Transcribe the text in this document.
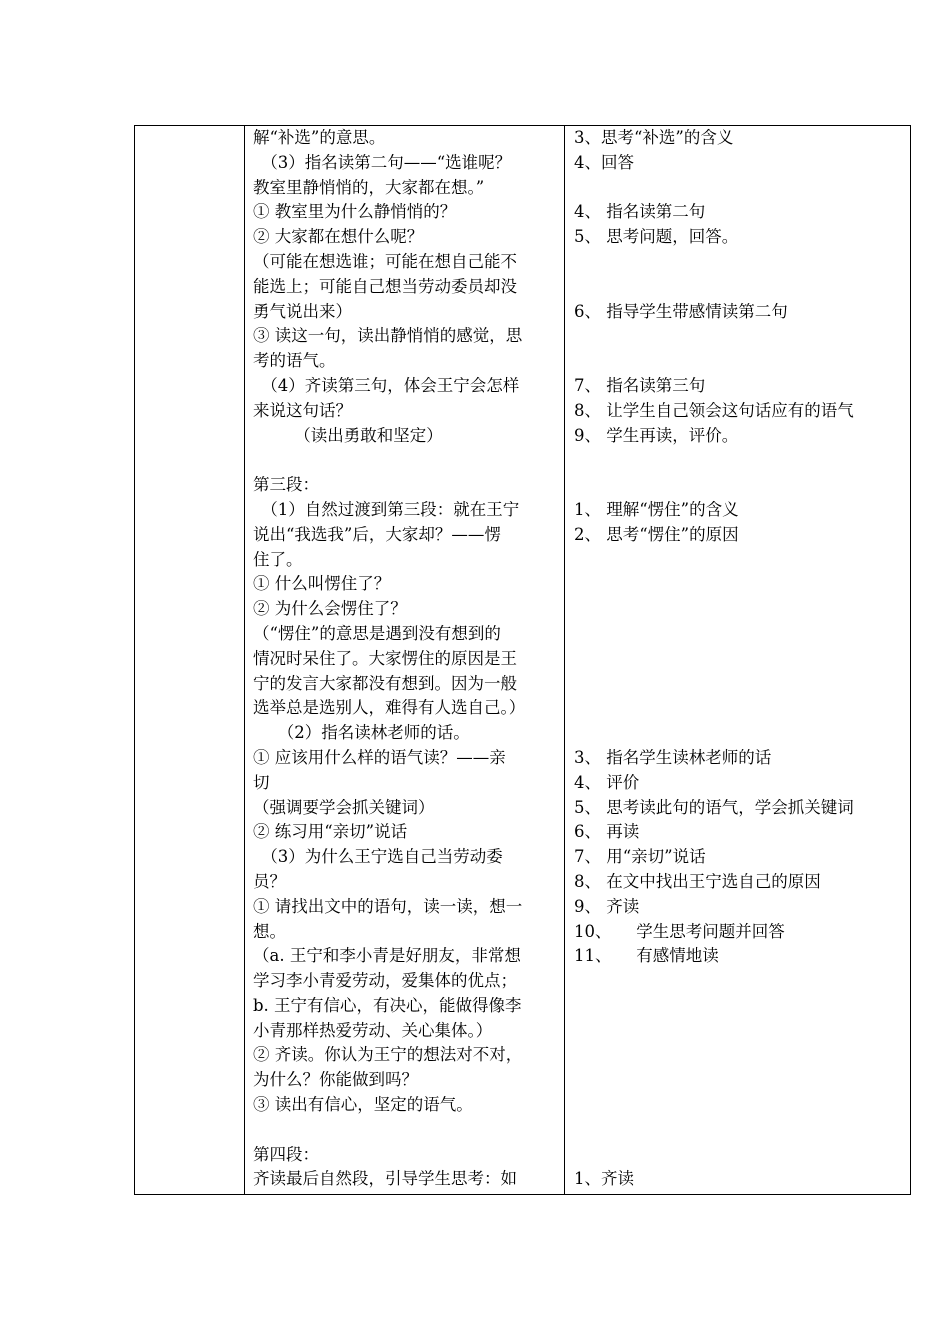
解“补选”的意思。
　（3）指名读第二句——“选谁呢？
教室里静悄悄的，大家都在想。”
① 教室里为什么静悄悄的？
② 大家都在想什么呢？
（可能在想选谁；可能在想自己能不
能选上；可能自己想当劳动委员却没
勇气说出来）
③ 读这一句，读出静悄悄的感觉，思
考的语气。
　（4）齐读第三句，体会王宁会怎样
来说这句话？
　　　（读出勇敢和坚定）
第三段：
　（1）自然过渡到第三段：就在王宁
说出“我选我”后，大家却？——愣
住了。
① 什么叫愣住了？
② 为什么会愣住了？
（“愣住”的意思是遇到没有想到的
情况时呆住了。大家愣住的原因是王
宁的发言大家都没有想到。因为一般
选举总是选别人，难得有人选自己。）
　　（2）指名读林老师的话。
① 应该用什么样的语气读？——亲
切
（强调要学会抓关键词）
② 练习用“亲切”说话
　（3）为什么王宁选自己当劳动委
员？
① 请找出文中的语句，读一读，想一
想。
（a. 王宁和李小青是好朋友，非常想
学习李小青爱劳动，爱集体的优点；
b. 王宁有信心，有决心，能做得像李
小青那样热爱劳动、关心集体。）
② 齐读。你认为王宁的想法对不对，
为什么？你能做到吗？
③ 读出有信心，坚定的语气。
第四段：
齐读最后自然段，引导学生思考：如
3、思考“补选”的含义
4、回答
4、 指名读第二句
5、 思考问题，回答。
6、 指导学生带感情读第二句
7、 指名读第三句
8、 让学生自己领会这句话应有的语气
9、 学生再读，评价。
1、 理解“愣住”的含义
2、 思考“愣住”的原因
3、 指名学生读林老师的话
4、 评价
5、 思考读此句的语气，学会抓关键词
6、 再读
7、 用“亲切”说话
8、 在文中找出王宁选自己的原因
9、 齐读
10、　　学生思考问题并回答
11、　　有感情地读
1、齐读
